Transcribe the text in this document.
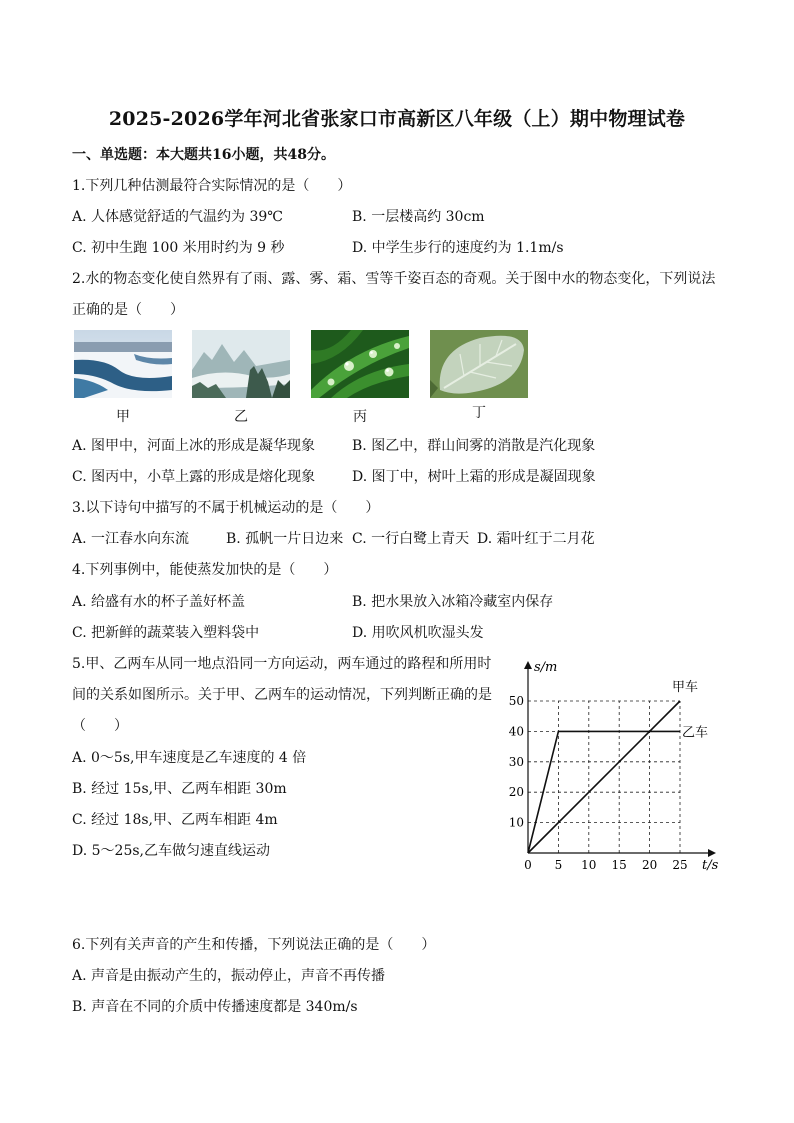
2025-2026学年河北省张家口市高新区八年级（上）期中物理试卷
一、单选题：本大题共16小题，共48分。
1.下列几种估测最符合实际情况的是（　　）
A. 人体感觉舒适的气温约为 39℃	B. 一层楼高约 30cm
C. 初中生跑 100 米用时约为 9 秒	D. 中学生步行的速度约为 1.1m/s
2.水的物态变化使自然界有了雨、露、雾、霜、雪等千姿百态的奇观。关于图中水的物态变化，下列说法
正确的是（　　）
甲	乙	丙	丁
A. 图甲中，河面上冰的形成是凝华现象	B. 图乙中，群山间雾的消散是汽化现象
C. 图丙中，小草上露的形成是熔化现象	D. 图丁中，树叶上霜的形成是凝固现象
3.以下诗句中描写的不属于机械运动的是（　　）
A. 一江春水向东流	B. 孤帆一片日边来 C. 一行白鹭上青天 D. 霜叶红于二月花
4.下列事例中，能使蒸发加快的是（　　）
A. 给盛有水的杯子盖好杯盖	B. 把水果放入冰箱冷藏室内保存
C. 把新鲜的蔬菜装入塑料袋中	D. 用吹风机吹湿头发
5.甲、乙两车从同一地点沿同一方向运动，两车通过的路程和所用时
间的关系如图所示。关于甲、乙两车的运动情况，下列判断正确的是
（　　）
A. 0～5s,甲车速度是乙车速度的 4 倍
B. 经过 15s,甲、乙两车相距 30m
C. 经过 18s,甲、乙两车相距 4m
D. 5～25s,乙车做匀速直线运动
t/s
s/m
0 5 10 15 20 25
10
20
30
40
50
甲车
乙车
6.下列有关声音的产生和传播，下列说法正确的是（　　）
A. 声音是由振动产生的，振动停止，声音不再传播
B. 声音在不同的介质中传播速度都是 340m/s
